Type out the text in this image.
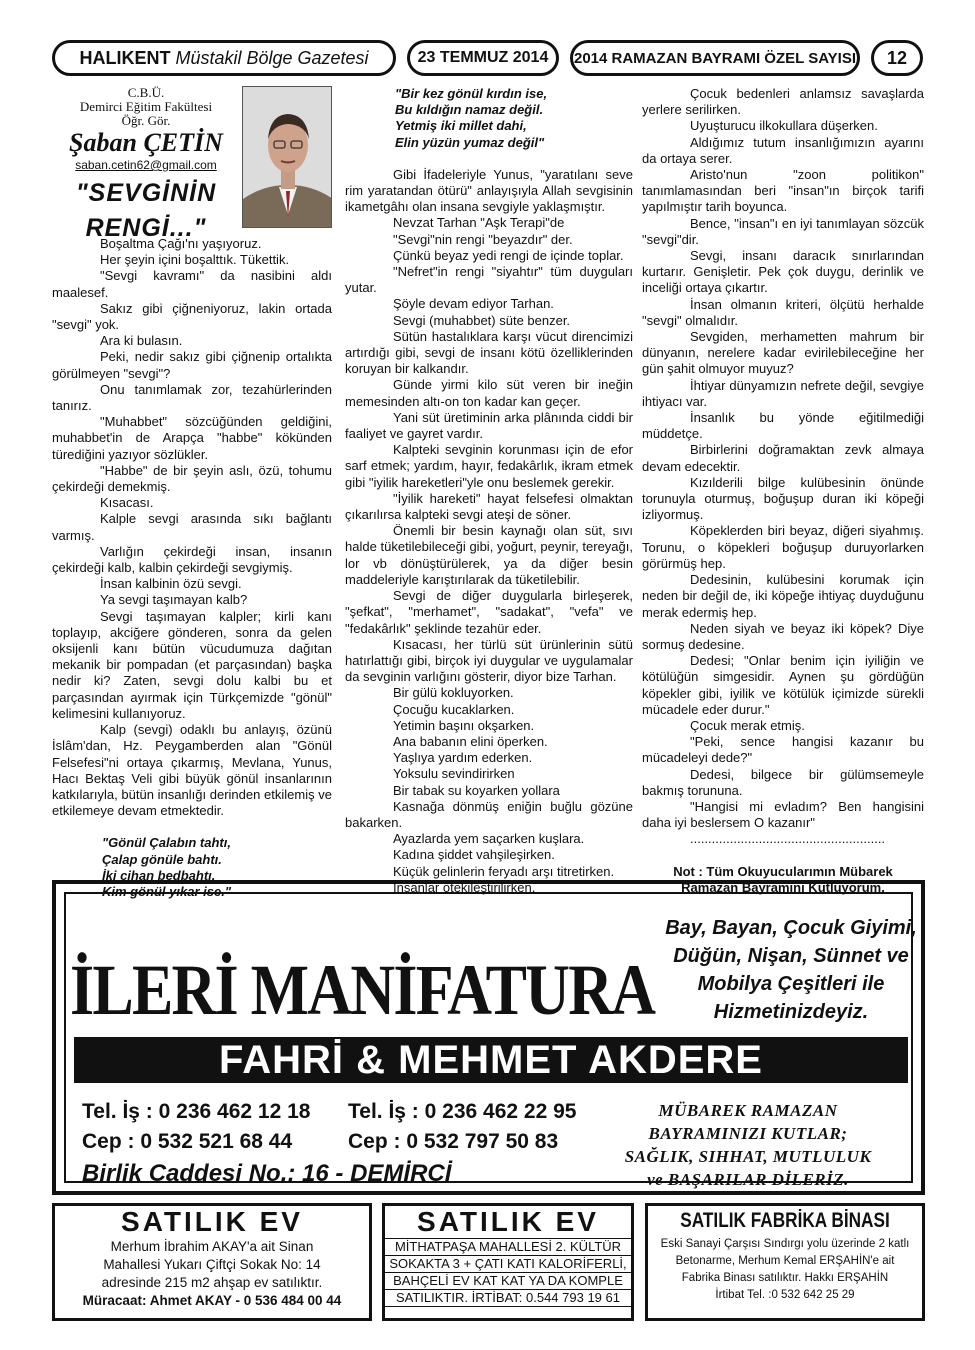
HALIKENT Müstakil Bölge Gazetesi	23 TEMMUZ 2014	2014 RAMAZAN BAYRAMI ÖZEL SAYISI	12
C.B.Ü.
Demirci Eğitim Fakültesi
Öğr. Gör.
Şaban ÇETİN
saban.cetin62@gmail.com
"SEVGİNİN
RENGİ..."

Boşaltma Çağı'nı yaşıyoruz.

Her şeyin içini boşalttık. Tükettik.

"Sevgi kavramı" da nasibini aldı maalesef.

Sakız gibi çiğneniyoruz, lakin ortada "sevgi" yok.

Ara ki bulasın.

Peki, nedir sakız gibi çiğnenip ortalıkta görülmeyen "sevgi"?

Onu tanımlamak zor, tezahürlerinden tanırız.

"Muhabbet" sözcüğünden geldiğini, muhabbet'in de Arapça "habbe" kökünden türediğini yazıyor sözlükler.

"Habbe" de bir şeyin aslı, özü, tohumu çekirdeği demekmiş.

Kısacası.

Kalple sevgi arasında sıkı bağlantı varmış.

Varlığın çekirdeği insan, insanın çekirdeği kalb, kalbin çekirdeği sevgiymiş.

İnsan kalbinin özü sevgi.

Ya sevgi taşımayan kalb?

Sevgi taşımayan kalpler; kirli kanı toplayıp, akciğere gönderen, sonra da gelen oksijenli kanı bütün vücudumuza dağıtan mekanik bir pompadan (et parçasından) başka nedir ki? Zaten, sevgi dolu kalbi bu et parçasından ayırmak için Türkçemizde "gönül" kelimesini kullanıyoruz.

Kalp (sevgi) odaklı bu anlayış, özünü İslâm'dan, Hz. Peygamberden alan "Gönül Felsefesi"ni ortaya çıkarmış, Mevlana, Yunus, Hacı Bektaş Veli gibi büyük gönül insanlarının katkılarıyla, bütün insanlığı derinden etkilemiş ve etkilemeye devam etmektedir.

"Gönül Çalabın tahtı,

Çalap gönüle bahtı.

İki cihan bedbahtı,

Kim gönül yıkar ise."

"Bir kez gönül kırdın ise,

Bu kıldığın namaz değil.

Yetmiş iki millet dahi,

Elin yüzün yumaz değil"

Gibi İfadeleriyle Yunus, "yaratılanı seve rim yaratandan ötürü" anlayışıyla Allah sevgisinin ikametgâhı olan insana sevgiyle yaklaşmıştır.

Nevzat Tarhan "Aşk Terapi"de

"Sevgi"nin rengi "beyazdır" der.

Çünkü beyaz yedi rengi de içinde toplar.

"Nefret"in rengi "siyahtır" tüm duyguları yutar.

Şöyle devam ediyor Tarhan.

Sevgi (muhabbet) süte benzer.

Sütün hastalıklara karşı vücut direncimizi artırdığı gibi, sevgi de insanı kötü özelliklerinden koruyan bir kalkandır.

Günde yirmi kilo süt veren bir ineğin memesinden altı-on ton kadar kan geçer.

Yani süt üretiminin arka plânında ciddi bir faaliyet ve gayret vardır.

Kalpteki sevginin korunması için de efor sarf etmek; yardım, hayır, fedakârlık, ikram etmek gibi "iyilik hareketleri"yle onu beslemek gerekir.

"İyilik hareketi" hayat felsefesi olmaktan çıkarılırsa kalpteki sevgi ateşi de söner.

Önemli bir besin kaynağı olan süt, sıvı halde tüketilebileceği gibi, yoğurt, peynir, tereyağı, lor vb dönüştürülerek, ya da diğer besin maddeleriyle karıştırılarak da tüketilebilir.

Sevgi de diğer duygularla birleşerek, "şefkat", "merhamet", "sadakat", "vefa" ve "fedakârlık" şeklinde tezahür eder.

Kısacası, her türlü süt ürünlerinin sütü hatırlattığı gibi, birçok iyi duygular ve uygulamalar da sevginin varlığını gösterir, diyor bize Tarhan.

Bir gülü kokluyorken.

Çocuğu kucaklarken.

Yetimin başını okşarken.

Ana babanın elini öperken.

Yaşlıya yardım ederken.

Yoksulu sevindirirken

Bir tabak su koyarken yollara

Kasnağa dönmüş eniğin buğlu gözüne bakarken.

Ayazlarda yem saçarken kuşlara.

Kadına şiddet vahşileşirken.

Küçük gelinlerin feryadı arşı titretirken.

İnsanlar ötekileştirilirken.

Çocuk bedenleri anlamsız savaşlarda yerlere serilirken.

Uyuşturucu ilkokullara düşerken.

Aldığımız tutum insanlığımızın ayarını da ortaya serer.

Aristo'nun "zoon politikon" tanımlamasından beri "insan"ın birçok tarifi yapılmıştır tarih boyunca.

Bence, "insan"ı en iyi tanımlayan sözcük "sevgi"dir.

Sevgi, insanı daracık sınırlarından kurtarır. Genişletir. Pek çok duygu, derinlik ve inceliği ortaya çıkartır.

İnsan olmanın kriteri, ölçütü herhalde "sevgi" olmalıdır.

Sevgiden, merhametten mahrum bir dünyanın, nerelere kadar evirilebileceğine her gün şahit olmuyor muyuz?

İhtiyar dünyamızın nefrete değil, sevgiye ihtiyacı var.

İnsanlık bu yönde eğitilmediği müddetçe.

Birbirlerini doğramaktan zevk almaya devam edecektir.

Kızılderili bilge kulübesinin önünde torunuyla oturmuş, boğuşup duran iki köpeği izliyormuş.

Köpeklerden biri beyaz, diğeri siyahmış. Torunu, o köpekleri boğuşup duruyorlarken görürmüş hep.

Dedesinin, kulübesini korumak için neden bir değil de, iki köpeğe ihtiyaç duyduğunu merak edermiş hep.

Neden siyah ve beyaz iki köpek? Diye sormuş dedesine.

Dedesi; "Onlar benim için iyiliğin ve kötülüğün simgesidir. Aynen şu gördüğün köpekler gibi, iyilik ve kötülük içimizde sürekli mücadele eder durur."

Çocuk merak etmiş.

"Peki, sence hangisi kazanır bu mücadeleyi dede?"

Dedesi, bilgece bir gülümsemeyle bakmış torununa.

"Hangisi mi evladım? Ben hangisini daha iyi beslersem O kazanır"

......................................................

Not : Tüm Okuyucularımın Mübarek

Ramazan Bayramını Kutluyorum.

İLERİ MANİFATURA
Bay, Bayan, Çocuk Giyimi,
Düğün, Nişan, Sünnet ve
Mobilya Çeşitleri ile
Hizmetinizdeyiz.
FAHRİ & MEHMET AKDERE
Tel. İş : 0 236 462 12 18
Cep : 0 532 521 68 44
Tel. İş : 0 236 462 22 95
Cep : 0 532 797 50 83
Birlik Caddesi No.: 16 - DEMİRCİ
MÜBAREK RAMAZAN
BAYRAMINIZI KUTLAR;
SAĞLIK, SIHHAT, MUTLULUK
ve BAŞARILAR DİLERİZ.
SATILIK EV
Merhum İbrahim AKAY'a ait Sinan
Mahallesi Yukarı Çiftçi Sokak No: 14
adresinde 215 m2 ahşap ev satılıktır.
Müracaat: Ahmet AKAY - 0 536 484 00 44
SATILIK EV
MİTHATPAŞA MAHALLESİ 2. KÜLTÜR
SOKAKTA 3 + ÇATI KATI KALORİFERLİ,
BAHÇELİ EV KAT KAT YA DA KOMPLE
SATILIKTIR. İRTİBAT: 0.544 793 19 61
SATILIK FABRİKA BİNASI
Eski Sanayi Çarşısı Sındırgı yolu üzerinde 2 katlı
Betonarme, Merhum Kemal ERŞAHİN'e ait
Fabrika Binası satılıktır. Hakkı ERŞAHİN
İrtibat Tel. :0 532 642 25 29
